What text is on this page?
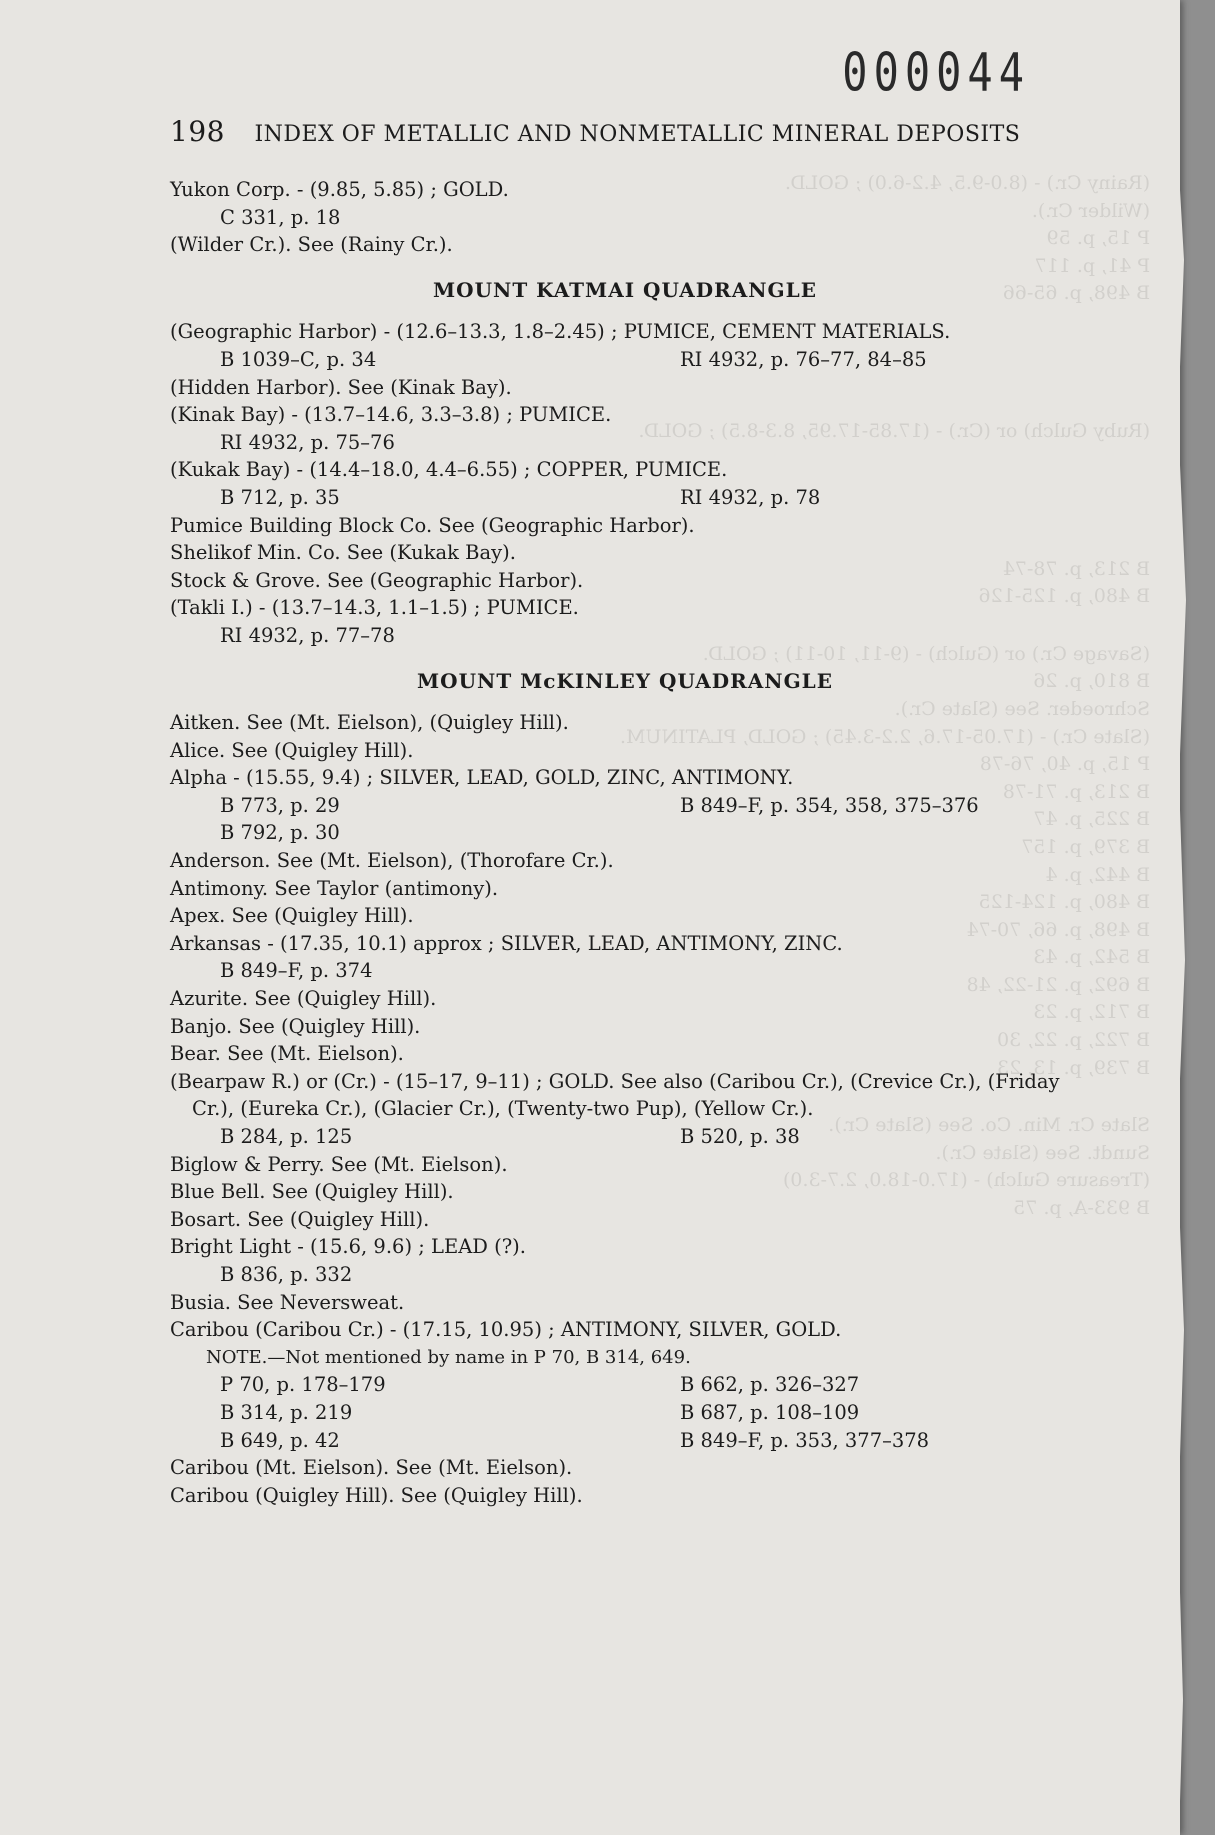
(Rainy Cr.) - (8.0-9.5, 4.2-6.0) ; GOLD.
(Wilder Cr.).
P 15, p. 59
P 41, p. 117
B 498, p. 65-66
(Ruby Gulch) or (Cr.) - (17.85-17.95, 8.3-8.5) ; GOLD.
B 213, p. 78-74
B 480, p. 125-126
(Savage Cr.) or (Gulch) - (9-11, 10-11) ; GOLD.
B 810, p. 26
Schroeder. See (Slate Cr.).
(Slate Cr.) - (17.05-17.6, 2.2-3.45) ; GOLD, PLATINUM.
P 15, p. 40, 76-78
B 213, p. 71-78
B 225, p. 47
B 379, p. 157
B 442, p. 4
B 480, p. 124-125
B 498, p. 66, 70-74
B 542, p. 43
B 692, p. 21-22, 48
B 712, p. 23
B 722, p. 22, 30
B 739, p. 13, 23
Slate Cr. Min. Co. See (Slate Cr.).
Sundt. See (Slate Cr.).
(Treasure Gulch) - (17.0-18.0, 2.7-3.0)
B 933-A, p. 75
000044
198 INDEX OF METALLIC AND NONMETALLIC MINERAL DEPOSITS
Yukon Corp. - (9.85, 5.85) ; GOLD.
C 331, p. 18
(Wilder Cr.). See (Rainy Cr.).
MOUNT KATMAI QUADRANGLE
(Geographic Harbor) - (12.6–13.3, 1.8–2.45) ; PUMICE, CEMENT MATERIALS.
B 1039–C, p. 34	RI 4932, p. 76–77, 84–85
(Hidden Harbor). See (Kinak Bay).
(Kinak Bay) - (13.7–14.6, 3.3–3.8) ; PUMICE.
RI 4932, p. 75–76
(Kukak Bay) - (14.4–18.0, 4.4–6.55) ; COPPER, PUMICE.
B 712, p. 35	RI 4932, p. 78
Pumice Building Block Co. See (Geographic Harbor).
Shelikof Min. Co. See (Kukak Bay).
Stock & Grove. See (Geographic Harbor).
(Takli I.) - (13.7–14.3, 1.1–1.5) ; PUMICE.
RI 4932, p. 77–78
MOUNT McKINLEY QUADRANGLE
Aitken. See (Mt. Eielson), (Quigley Hill).
Alice. See (Quigley Hill).
Alpha - (15.55, 9.4) ; SILVER, LEAD, GOLD, ZINC, ANTIMONY.
B 773, p. 29	B 849–F, p. 354, 358, 375–376
B 792, p. 30
Anderson. See (Mt. Eielson), (Thorofare Cr.).
Antimony. See Taylor (antimony).
Apex. See (Quigley Hill).
Arkansas - (17.35, 10.1) approx ; SILVER, LEAD, ANTIMONY, ZINC.
B 849–F, p. 374
Azurite. See (Quigley Hill).
Banjo. See (Quigley Hill).
Bear. See (Mt. Eielson).
(Bearpaw R.) or (Cr.) - (15–17, 9–11) ; GOLD. See also (Caribou Cr.), (Crevice Cr.), (Friday Cr.), (Eureka Cr.), (Glacier Cr.), (Twenty-two Pup), (Yellow Cr.).
B 284, p. 125	B 520, p. 38
Biglow & Perry. See (Mt. Eielson).
Blue Bell. See (Quigley Hill).
Bosart. See (Quigley Hill).
Bright Light - (15.6, 9.6) ; LEAD (?).
B 836, p. 332
Busia. See Neversweat.
Caribou (Caribou Cr.) - (17.15, 10.95) ; ANTIMONY, SILVER, GOLD.
NOTE.—Not mentioned by name in P 70, B 314, 649.
P 70, p. 178–179	B 662, p. 326–327
B 314, p. 219	B 687, p. 108–109
B 649, p. 42	B 849–F, p. 353, 377–378
Caribou (Mt. Eielson). See (Mt. Eielson).
Caribou (Quigley Hill). See (Quigley Hill).
